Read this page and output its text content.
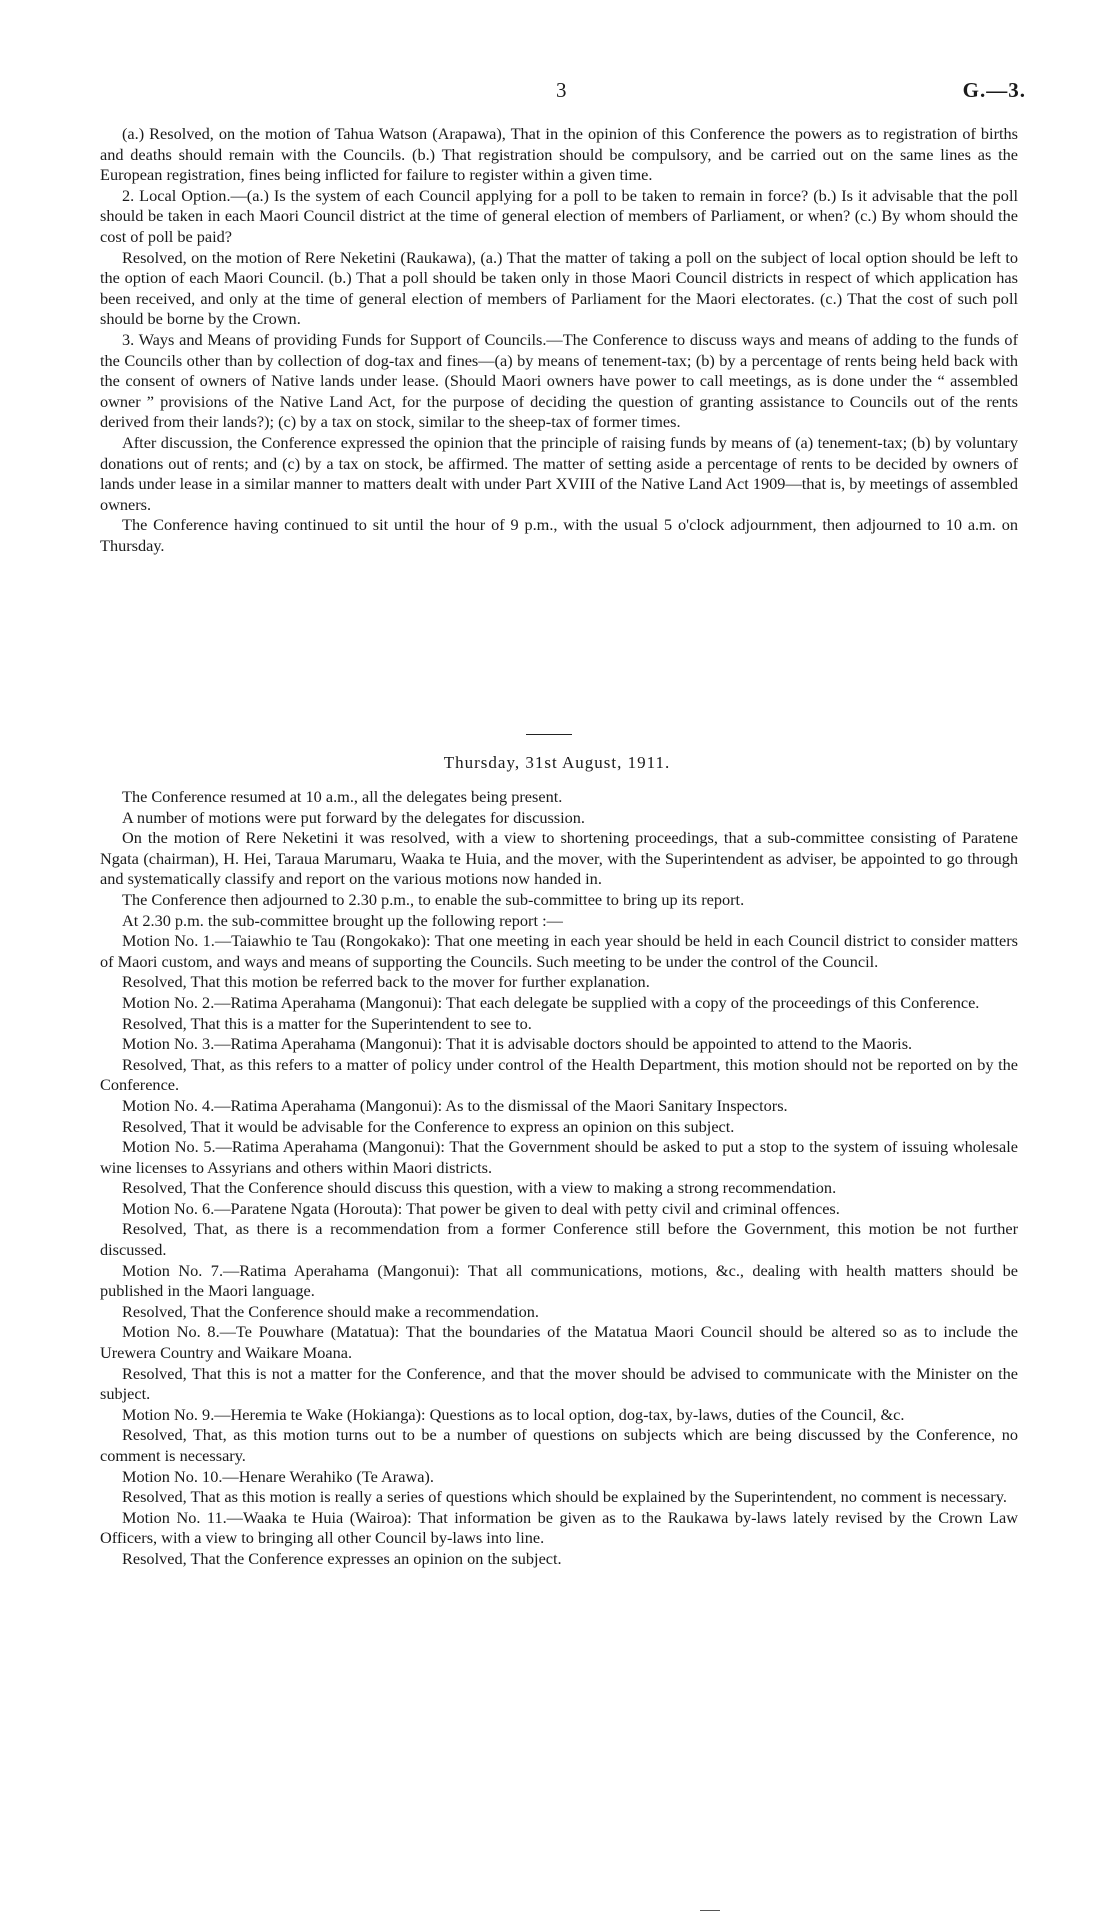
3	G.—3.

(a.) Resolved, on the motion of Tahua Watson (Arapawa), That in the opinion of this Conference the powers as to registration of births and deaths should remain with the Councils. (b.) That registration should be compulsory, and be carried out on the same lines as the European registration, fines being inflicted for failure to register within a given time.

2. Local Option.—(a.) Is the system of each Council applying for a poll to be taken to remain in force? (b.) Is it advisable that the poll should be taken in each Maori Council district at the time of general election of members of Parliament, or when? (c.) By whom should the cost of poll be paid?

Resolved, on the motion of Rere Neketini (Raukawa), (a.) That the matter of taking a poll on the subject of local option should be left to the option of each Maori Council. (b.) That a poll should be taken only in those Maori Council districts in respect of which application has been received, and only at the time of general election of members of Parliament for the Maori electorates. (c.) That the cost of such poll should be borne by the Crown.

3. Ways and Means of providing Funds for Support of Councils.—The Conference to discuss ways and means of adding to the funds of the Councils other than by collection of dog-tax and fines—(a) by means of tenement-tax; (b) by a percentage of rents being held back with the consent of owners of Native lands under lease. (Should Maori owners have power to call meetings, as is done under the “ assembled owner ” provisions of the Native Land Act, for the purpose of deciding the question of granting assistance to Councils out of the rents derived from their lands?); (c) by a tax on stock, similar to the sheep-tax of former times.

After discussion, the Conference expressed the opinion that the principle of raising funds by means of (a) tenement-tax; (b) by voluntary donations out of rents; and (c) by a tax on stock, be affirmed. The matter of setting aside a percentage of rents to be decided by owners of lands under lease in a similar manner to matters dealt with under Part XVIII of the Native Land Act 1909—that is, by meetings of assembled owners.

The Conference having continued to sit until the hour of 9 p.m., with the usual 5 o'clock adjournment, then adjourned to 10 a.m. on Thursday.

Thursday, 31st August, 1911.

The Conference resumed at 10 a.m., all the delegates being present.

A number of motions were put forward by the delegates for discussion.

On the motion of Rere Neketini it was resolved, with a view to shortening proceedings, that a sub-committee consisting of Paratene Ngata (chairman), H. Hei, Taraua Marumaru, Waaka te Huia, and the mover, with the Superintendent as adviser, be appointed to go through and systematically classify and report on the various motions now handed in.

The Conference then adjourned to 2.30 p.m., to enable the sub-committee to bring up its report.

At 2.30 p.m. the sub-committee brought up the following report :—

Motion No. 1.—Taiawhio te Tau (Rongokako): That one meeting in each year should be held in each Council district to consider matters of Maori custom, and ways and means of supporting the Councils. Such meeting to be under the control of the Council.

Resolved, That this motion be referred back to the mover for further explanation.

Motion No. 2.—Ratima Aperahama (Mangonui): That each delegate be supplied with a copy of the proceedings of this Conference.

Resolved, That this is a matter for the Superintendent to see to.

Motion No. 3.—Ratima Aperahama (Mangonui): That it is advisable doctors should be appointed to attend to the Maoris.

Resolved, That, as this refers to a matter of policy under control of the Health Department, this motion should not be reported on by the Conference.

Motion No. 4.—Ratima Aperahama (Mangonui): As to the dismissal of the Maori Sanitary Inspectors.

Resolved, That it would be advisable for the Conference to express an opinion on this subject.

Motion No. 5.—Ratima Aperahama (Mangonui): That the Government should be asked to put a stop to the system of issuing wholesale wine licenses to Assyrians and others within Maori districts.

Resolved, That the Conference should discuss this question, with a view to making a strong recommendation.

Motion No. 6.—Paratene Ngata (Horouta): That power be given to deal with petty civil and criminal offences.

Resolved, That, as there is a recommendation from a former Conference still before the Government, this motion be not further discussed.

Motion No. 7.—Ratima Aperahama (Mangonui): That all communications, motions, &c., dealing with health matters should be published in the Maori language.

Resolved, That the Conference should make a recommendation.

Motion No. 8.—Te Pouwhare (Matatua): That the boundaries of the Matatua Maori Council should be altered so as to include the Urewera Country and Waikare Moana.

Resolved, That this is not a matter for the Conference, and that the mover should be advised to communicate with the Minister on the subject.

Motion No. 9.—Heremia te Wake (Hokianga): Questions as to local option, dog-tax, by-laws, duties of the Council, &c.

Resolved, That, as this motion turns out to be a number of questions on subjects which are being discussed by the Conference, no comment is necessary.

Motion No. 10.—Henare Werahiko (Te Arawa).

Resolved, That as this motion is really a series of questions which should be explained by the Superintendent, no comment is necessary.

Motion No. 11.—Waaka te Huia (Wairoa): That information be given as to the Raukawa by-laws lately revised by the Crown Law Officers, with a view to bringing all other Council by-laws into line.

Resolved, That the Conference expresses an opinion on the subject.
